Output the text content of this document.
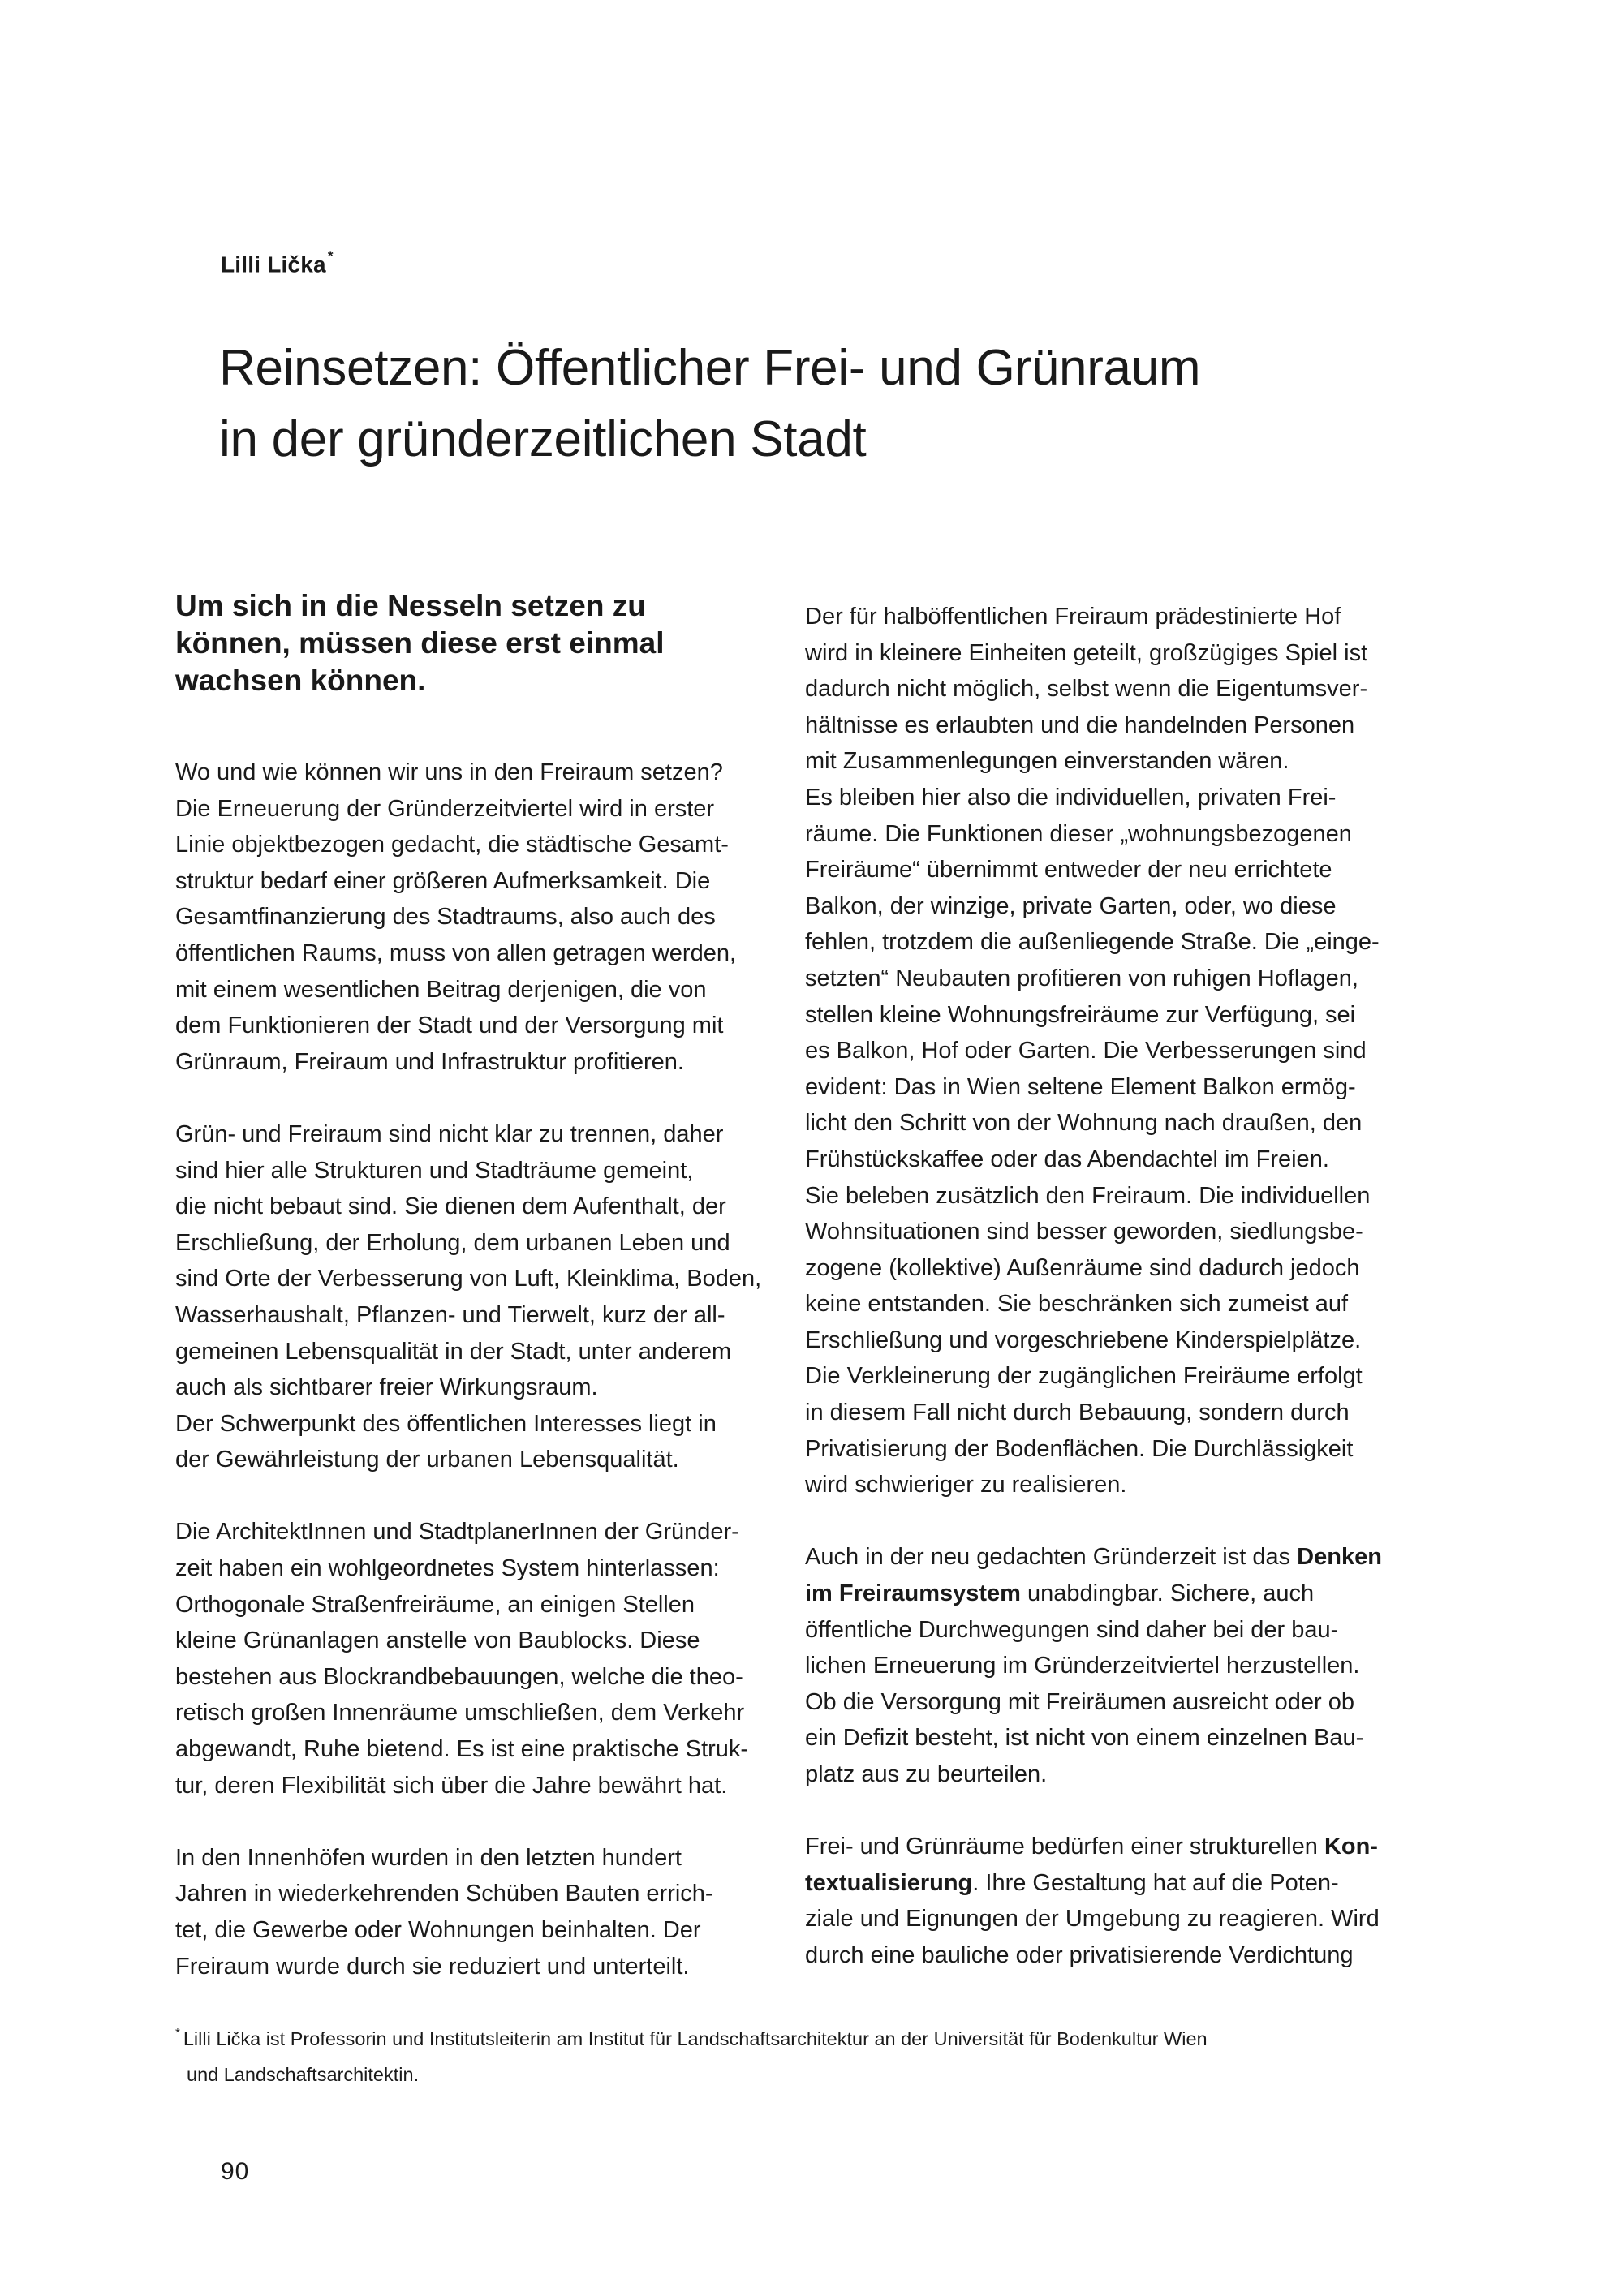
Lilli Lička *
Reinsetzen: Öffentlicher Frei- und Grünraum
in der gründerzeitlichen Stadt

Um sich in die Nesseln setzen zu
können, müssen diese erst einmal
wachsen können.

Wo und wie können wir uns in den Freiraum setzen?
Die Erneuerung der Gründerzeitviertel wird in erster
Linie objektbezogen gedacht, die städtische Gesamt-
struktur bedarf einer größeren Aufmerksamkeit. Die
Gesamtfinanzierung des Stadtraums, also auch des
öffentlichen Raums, muss von allen getragen werden,
mit einem wesentlichen Beitrag derjenigen, die von
dem Funktionieren der Stadt und der Versorgung mit
Grünraum, Freiraum und Infrastruktur profitieren.
Grün- und Freiraum sind nicht klar zu trennen, daher
sind hier alle Strukturen und Stadträume gemeint,
die nicht bebaut sind. Sie dienen dem Aufenthalt, der
Erschließung, der Erholung, dem urbanen Leben und
sind Orte der Verbesserung von Luft, Kleinklima, Boden,
Wasserhaushalt, Pflanzen- und Tierwelt, kurz der all-
gemeinen Lebensqualität in der Stadt, unter anderem
auch als sichtbarer freier Wirkungsraum.
Der Schwerpunkt des öffentlichen Interesses liegt in
der Gewährleistung der urbanen Lebensqualität.
Die ArchitektInnen und StadtplanerInnen der Gründer-
zeit haben ein wohlgeordnetes System hinterlassen:
Orthogonale Straßenfreiräume, an einigen Stellen
kleine Grünanlagen anstelle von Baublocks. Diese
bestehen aus Blockrandbebauungen, welche die theo-
retisch großen Innenräume umschließen, dem Verkehr
abgewandt, Ruhe bietend. Es ist eine praktische Struk-
tur, deren Flexibilität sich über die Jahre bewährt hat.
In den Innenhöfen wurden in den letzten hundert
Jahren in wiederkehrenden Schüben Bauten errich-
tet, die Gewerbe oder Wohnungen beinhalten. Der
Freiraum wurde durch sie reduziert und unterteilt.
Der für halböffentlichen Freiraum prädestinierte Hof
wird in kleinere Einheiten geteilt, großzügiges Spiel ist
dadurch nicht möglich, selbst wenn die Eigentumsver-
hältnisse es erlaubten und die handelnden Personen
mit Zusammenlegungen einverstanden wären.
Es bleiben hier also die individuellen, privaten Frei-
räume. Die Funktionen dieser „wohnungsbezogenen
Freiräume“ übernimmt entweder der neu errichtete
Balkon, der winzige, private Garten, oder, wo diese
fehlen, trotzdem die außenliegende Straße. Die „einge-
setzten“ Neubauten profitieren von ruhigen Hoflagen,
stellen kleine Wohnungsfreiräume zur Verfügung, sei
es Balkon, Hof oder Garten. Die Verbesserungen sind
evident: Das in Wien seltene Element Balkon ermög-
licht den Schritt von der Wohnung nach draußen, den
Frühstückskaffee oder das Abendachtel im Freien.
Sie beleben zusätzlich den Freiraum. Die individuellen
Wohnsituationen sind besser geworden, siedlungsbe-
zogene (kollektive) Außenräume sind dadurch jedoch
keine entstanden. Sie beschränken sich zumeist auf
Erschließung und vorgeschriebene Kinderspielplätze.
Die Verkleinerung der zugänglichen Freiräume erfolgt
in diesem Fall nicht durch Bebauung, sondern durch
Privatisierung der Bodenflächen. Die Durchlässigkeit
wird schwieriger zu realisieren.
Auch in der neu gedachten Gründerzeit ist das Denken
im Freiraumsystem unabdingbar. Sichere, auch
öffentliche Durchwegungen sind daher bei der bau-
lichen Erneuerung im Gründerzeitviertel herzustellen.
Ob die Versorgung mit Freiräumen ausreicht oder ob
ein Defizit besteht, ist nicht von einem einzelnen Bau-
platz aus zu beurteilen.
Frei- und Grünräume bedürfen einer strukturellen Kon-
textualisierung. Ihre Gestaltung hat auf die Poten-
ziale und Eignungen der Umgebung zu reagieren. Wird
durch eine bauliche oder privatisierende Verdichtung
* Lilli Lička ist Professorin und Institutsleiterin am Institut für Landschaftsarchitektur an der Universität für Bodenkultur Wien
und Landschaftsarchitektin.
90
